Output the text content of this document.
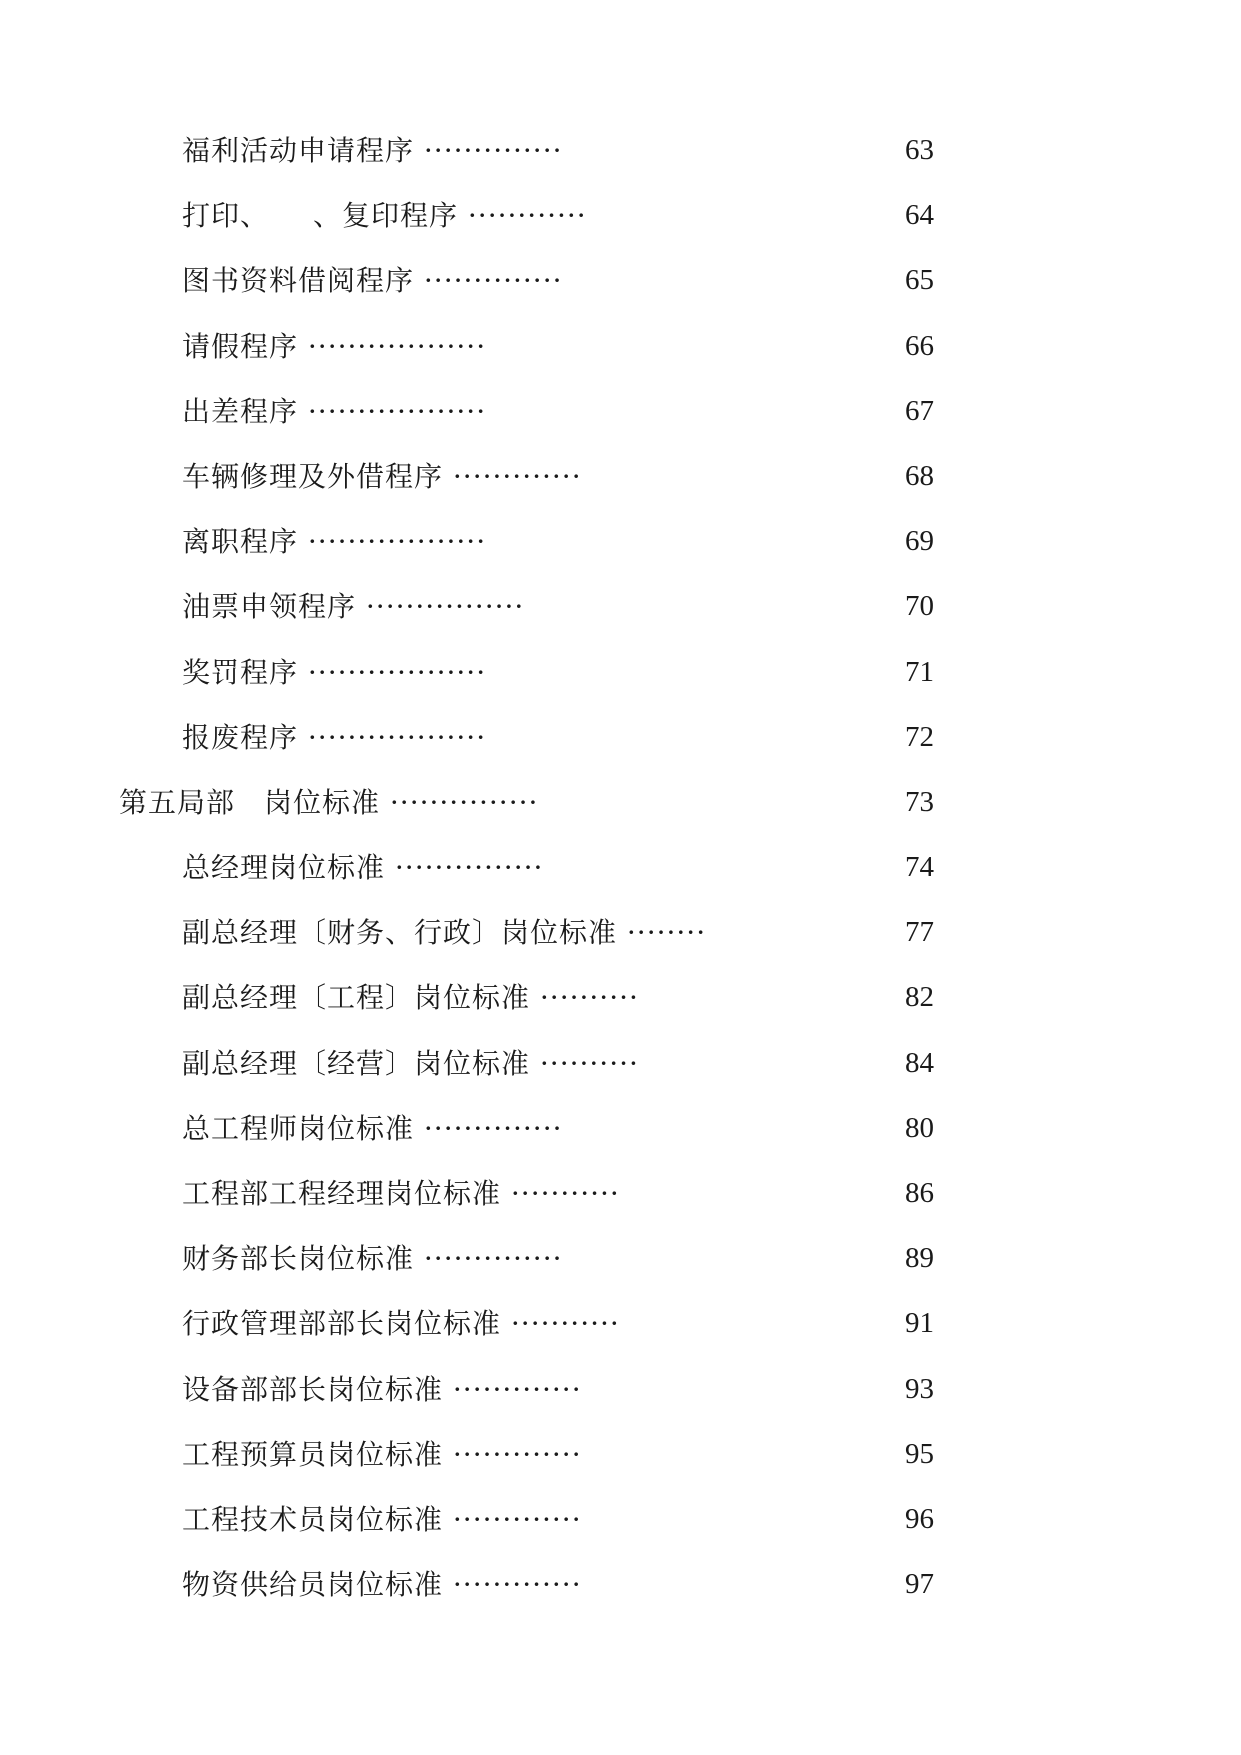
福利活动申请程序 ··············	63
打印、　　、复印程序 ············	64
图书资料借阅程序 ··············	65
请假程序 ··················	66
出差程序 ··················	67
车辆修理及外借程序 ·············	68
离职程序 ··················	69
油票申领程序 ················	70
奖罚程序 ··················	71
报废程序 ··················	72
第五局部　岗位标准 ···············	73
总经理岗位标准 ···············	74
副总经理〔财务、行政〕岗位标准 ········	77
副总经理〔工程〕岗位标准 ··········	82
副总经理〔经营〕岗位标准 ··········	84
总工程师岗位标准 ··············	80
工程部工程经理岗位标准 ···········	86
财务部长岗位标准 ··············	89
行政管理部部长岗位标准 ···········	91
设备部部长岗位标准 ·············	93
工程预算员岗位标准 ·············	95
工程技术员岗位标准 ·············	96
物资供给员岗位标准 ·············	97
